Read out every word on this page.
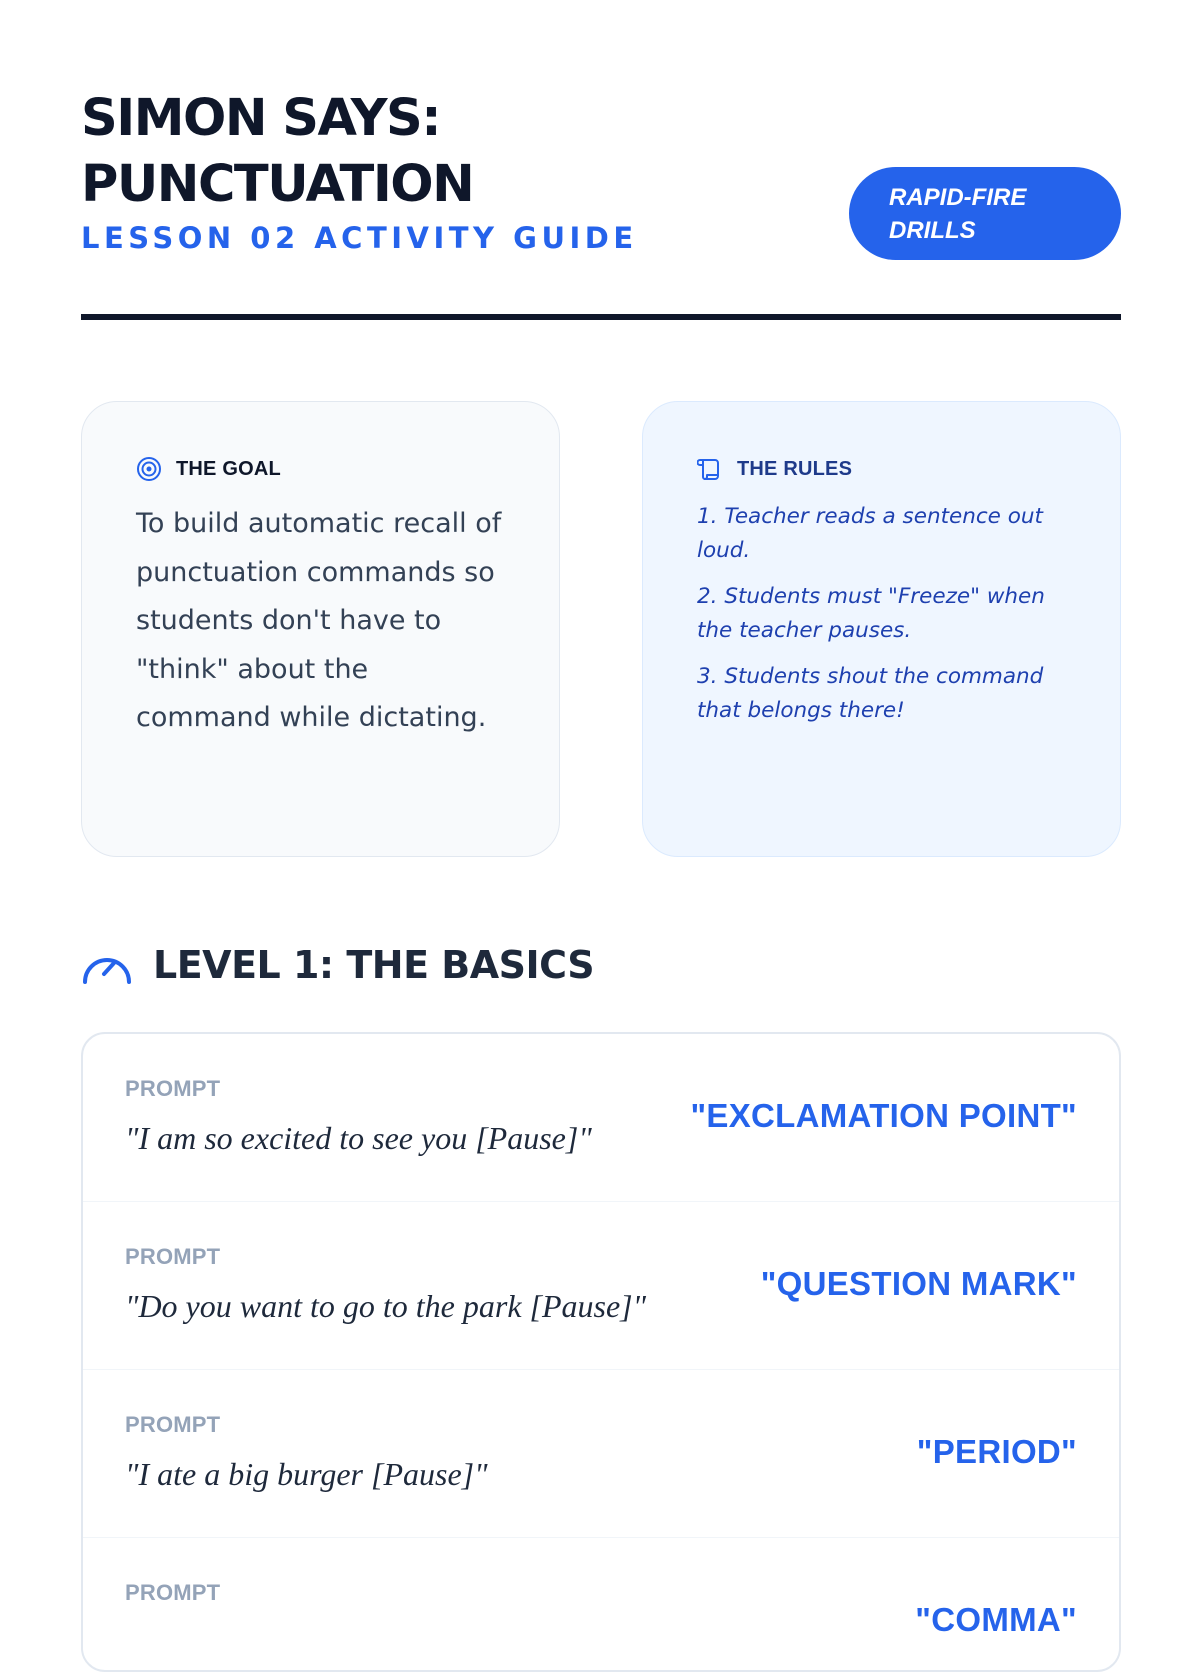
SIMON SAYS:
PUNCTUATION
LESSON 02 ACTIVITY GUIDE
RAPID-FIRE
DRILLS
THE GOAL

To build automatic recall of punctuation commands so students don't have to "think" about the command while dictating.

THE RULES
1. Teacher reads a sentence out loud.
2. Students must "Freeze" when the teacher pauses.
3. Students shout the command that belongs there!
LEVEL 1: THE BASICS
PROMPT
"I am so excited to see you [Pause]"
"EXCLAMATION POINT"
PROMPT
"Do you want to go to the park [Pause]"
"QUESTION MARK"
PROMPT
"I ate a big burger [Pause]"
"PERIOD"
PROMPT
"COMMA"
